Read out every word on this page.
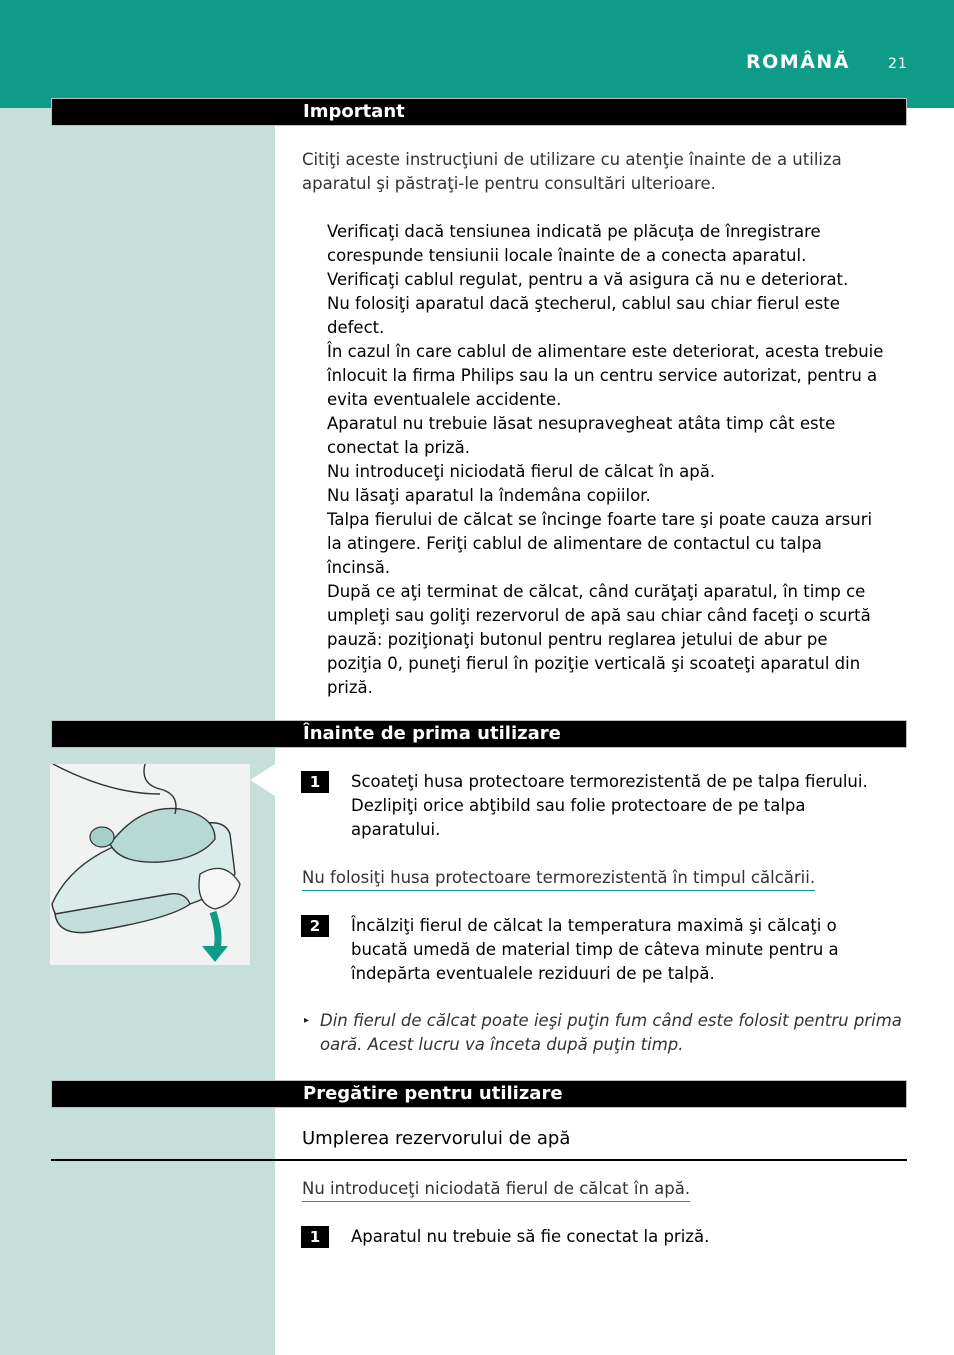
ROMÂNĂ	21
Important
Citiţi aceste instrucţiuni de utilizare cu atenţie înainte de a utiliza
aparatul şi păstraţi-le pentru consultări ulterioare.
Verificaţi dacă tensiunea indicată pe plăcuţa de înregistrare
corespunde tensiunii locale înainte de a conecta aparatul.
Verificaţi cablul regulat, pentru a vă asigura că nu e deteriorat.
Nu folosiţi aparatul dacă ştecherul, cablul sau chiar fierul este
defect.
În cazul în care cablul de alimentare este deteriorat, acesta trebuie
înlocuit la firma Philips sau la un centru service autorizat, pentru a
evita eventualele accidente.
Aparatul nu trebuie lăsat nesupravegheat atâta timp cât este
conectat la priză.
Nu introduceţi niciodată fierul de călcat în apă.
Nu lăsaţi aparatul la îndemâna copiilor.
Talpa fierului de călcat se încinge foarte tare şi poate cauza arsuri
la atingere. Feriţi cablul de alimentare de contactul cu talpa
încinsă.
După ce aţi terminat de călcat, când curăţaţi aparatul, în timp ce
umpleţi sau goliţi rezervorul de apă sau chiar când faceţi o scurtă
pauză: poziţionaţi butonul pentru reglarea jetului de abur pe
poziţia 0, puneţi fierul în poziţie verticală şi scoateţi aparatul din
priză.
Înainte de prima utilizare
1	Scoateţi husa protectoare termorezistentă de pe talpa fierului.
Dezlipiţi orice abţibild sau folie protectoare de pe talpa
aparatului.
Nu folosiţi husa protectoare termorezistentă în timpul călcării.
2	Încălziţi fierul de călcat la temperatura maximă şi călcaţi o
bucată umedă de material timp de câteva minute pentru a
îndepărta eventualele reziduuri de pe talpă.
▸ Din fierul de călcat poate ieşi puţin fum când este folosit pentru prima
oară. Acest lucru va înceta după puţin timp.
Pregătire pentru utilizare
Umplerea rezervorului de apă
Nu introduceţi niciodată fierul de călcat în apă.
1	Aparatul nu trebuie să fie conectat la priză.
